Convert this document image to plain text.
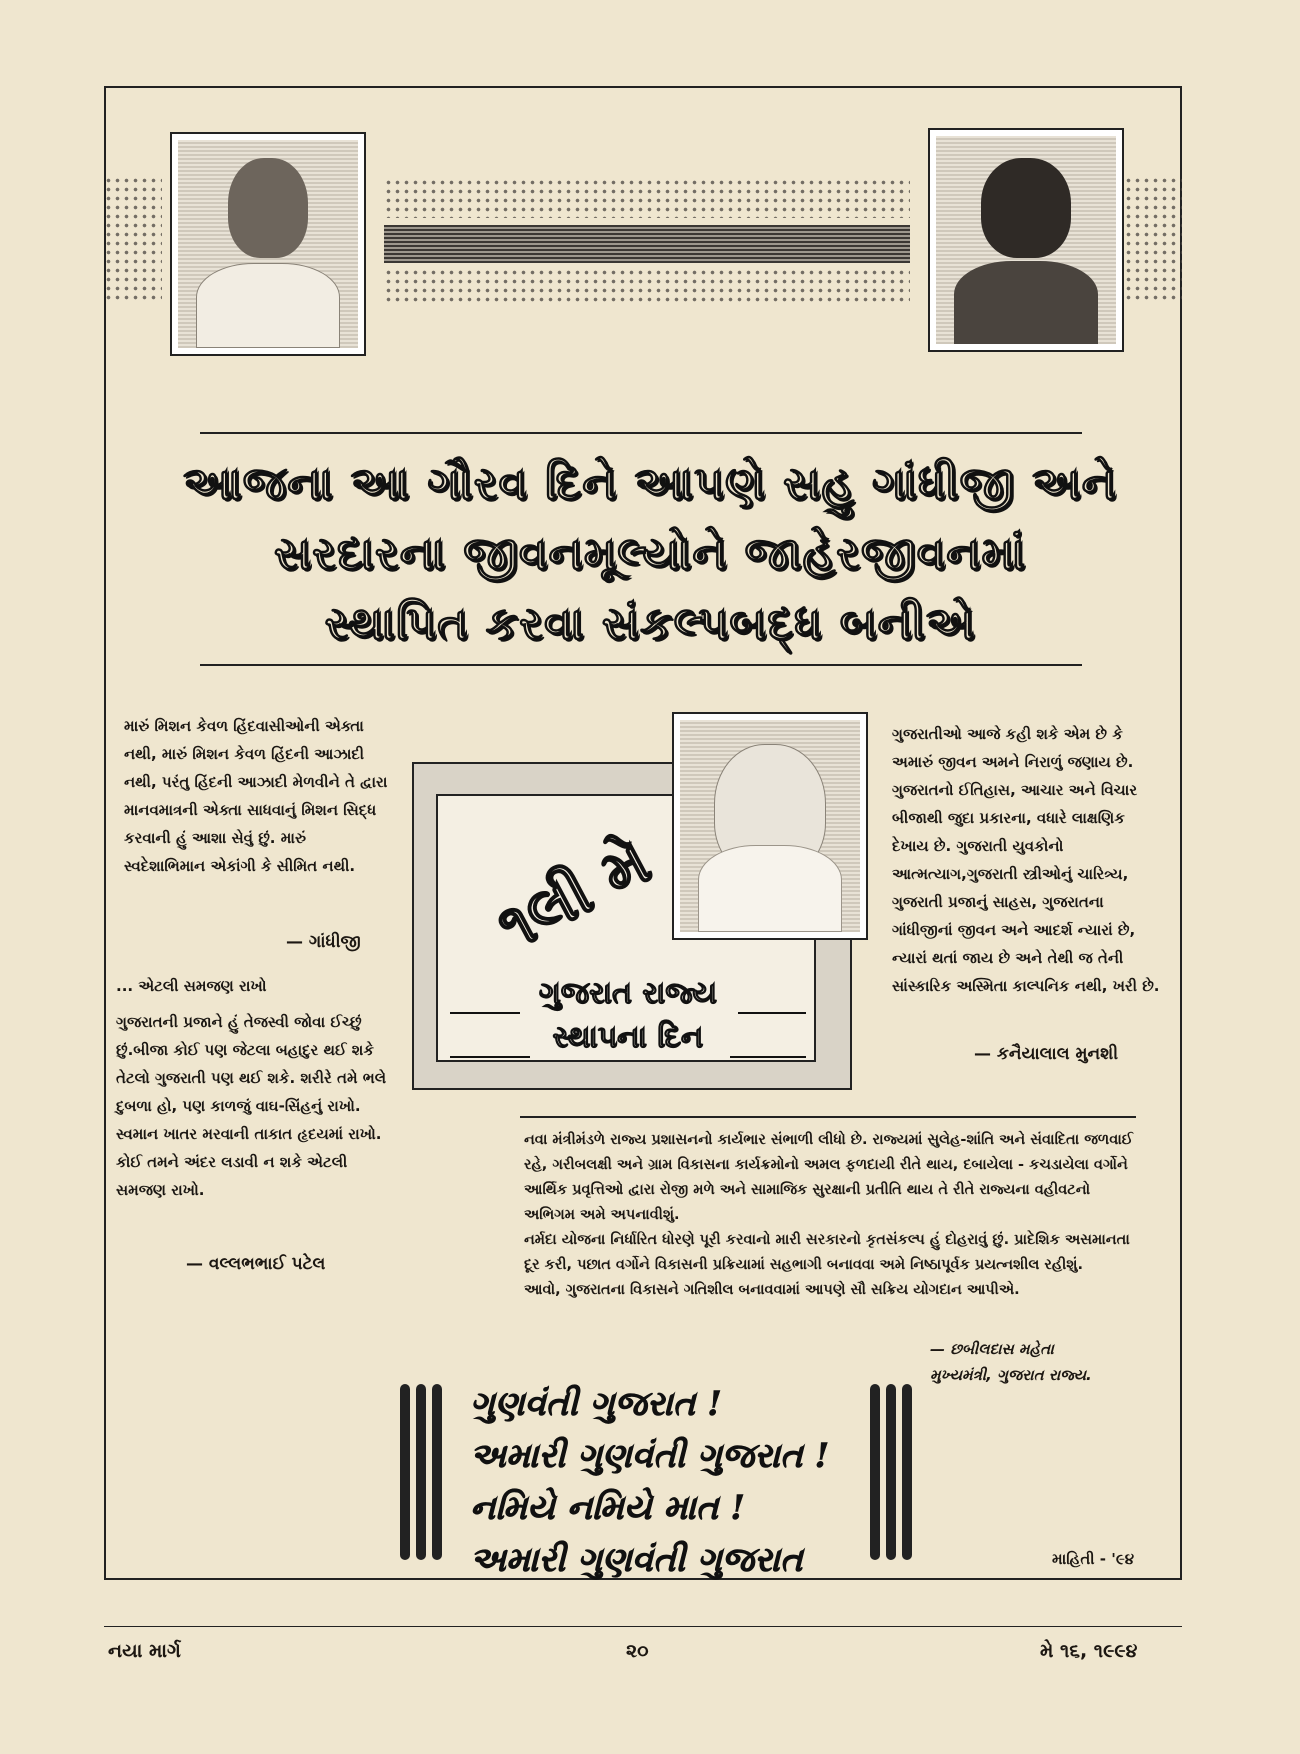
આજના આ ગૌરવ દિને આપણે સહુ ગાંધીજી અને
સરદારના જીવનમૂલ્યોને જાહેરજીવનમાં
સ્થાપિત કરવા સંકલ્પબદ્ધ બનીએ
મારું મિશન કેવળ હિંદવાસીઓની એક્તા નથી, મારું મિશન કેવળ હિંદની આઝાદી નથી, પરંતુ હિંદની આઝાદી મેળવીને તે દ્વારા માનવમાત્રની એક્તા સાધવાનું મિશન સિદ્ધ કરવાની હું આશા સેવું છું. મારું સ્વદેશાભિમાન એકાંગી કે સીમિત નથી.
— ગાંધીજી
... એટલી સમજણ રાખો
ગુજરાતની પ્રજાને હું તેજસ્વી જોવા ઈચ્છું છું.બીજા કોઈ પણ જેટલા બહાદુર થઈ શકે તેટલો ગુજરાતી પણ થઈ શકે. શરીરે તમે ભલે દુબળા હો, પણ કાળજું વાઘ-સિંહનું રાખો. સ્વમાન ખાતર મરવાની તાકાત હૃદયમાં રાખો. કોઈ તમને અંદર લડાવી ન શકે એટલી સમજણ રાખો.
— વલ્લભભાઈ પટેલ
૧લી મે
ગુજરાત રાજ્ય
સ્થાપના દિન
ગુજરાતીઓ આજે કહી શકે એમ છે કે અમારું જીવન અમને નિરાળું જણાય છે. ગુજરાતનો ઈતિહાસ, આચાર અને વિચાર બીજાથી જુદા પ્રકારના, વધારે લાક્ષણિક દેખાય છે. ગુજરાતી યુવકોનો આત્મત્યાગ,ગુજરાતી સ્ત્રીઓનું ચારિત્ર્ય, ગુજરાતી પ્રજાનું સાહસ, ગુજરાતના ગાંધીજીનાં જીવન અને આદર્શ ન્યારાં છે, ન્યારાં થતાં જાય છે અને તેથી જ તેની સાંસ્કારિક અસ્મિતા કાલ્પનિક નથી, ખરી છે.
— કનૈયાલાલ મુનશી
નવા મંત્રીમંડળે રાજ્ય પ્રશાસનનો કાર્યભાર સંભાળી લીધો છે. રાજ્યમાં સુલેહ-શાંતિ અને સંવાદિતા જળવાઈ રહે, ગરીબલક્ષી અને ગ્રામ વિકાસના કાર્યક્રમોનો અમલ ફળદાયી રીતે થાય, દબાયેલા - કચડાયેલા વર્ગોને આર્થિક પ્રવૃત્તિઓ દ્વારા રોજી મળે અને સામાજિક સુરક્ષાની પ્રતીતિ થાય તે રીતે રાજ્યના વહીવટનો અભિગમ અમે અપનાવીશું.
નર્મદા યોજના નિર્ધારિત ધોરણે પૂરી કરવાનો મારી સરકારનો કૃતસંકલ્પ હું દોહરાવું છું. પ્રાદેશિક અસમાનતા દૂર કરી, પછાત વર્ગોને વિકાસની પ્રક્રિયામાં સહભાગી બનાવવા અમે નિષ્ઠાપૂર્વક પ્રયત્નશીલ રહીશું.
આવો, ગુજરાતના વિકાસને ગતિશીલ બનાવવામાં આપણે સૌ સક્રિય યોગદાન આપીએ.
— છબીલદાસ મહેતા
મુખ્યમંત્રી, ગુજરાત રાજ્ય.
ગુણવંતી ગુજરાત !
અમારી ગુણવંતી ગુજરાત !
નમિયે નમિયે માત !
અમારી ગુણવંતી ગુજરાત	માહિતી - '૯૪
નયા માર્ગ	૨૦	મે ૧૬, ૧૯૯૪
